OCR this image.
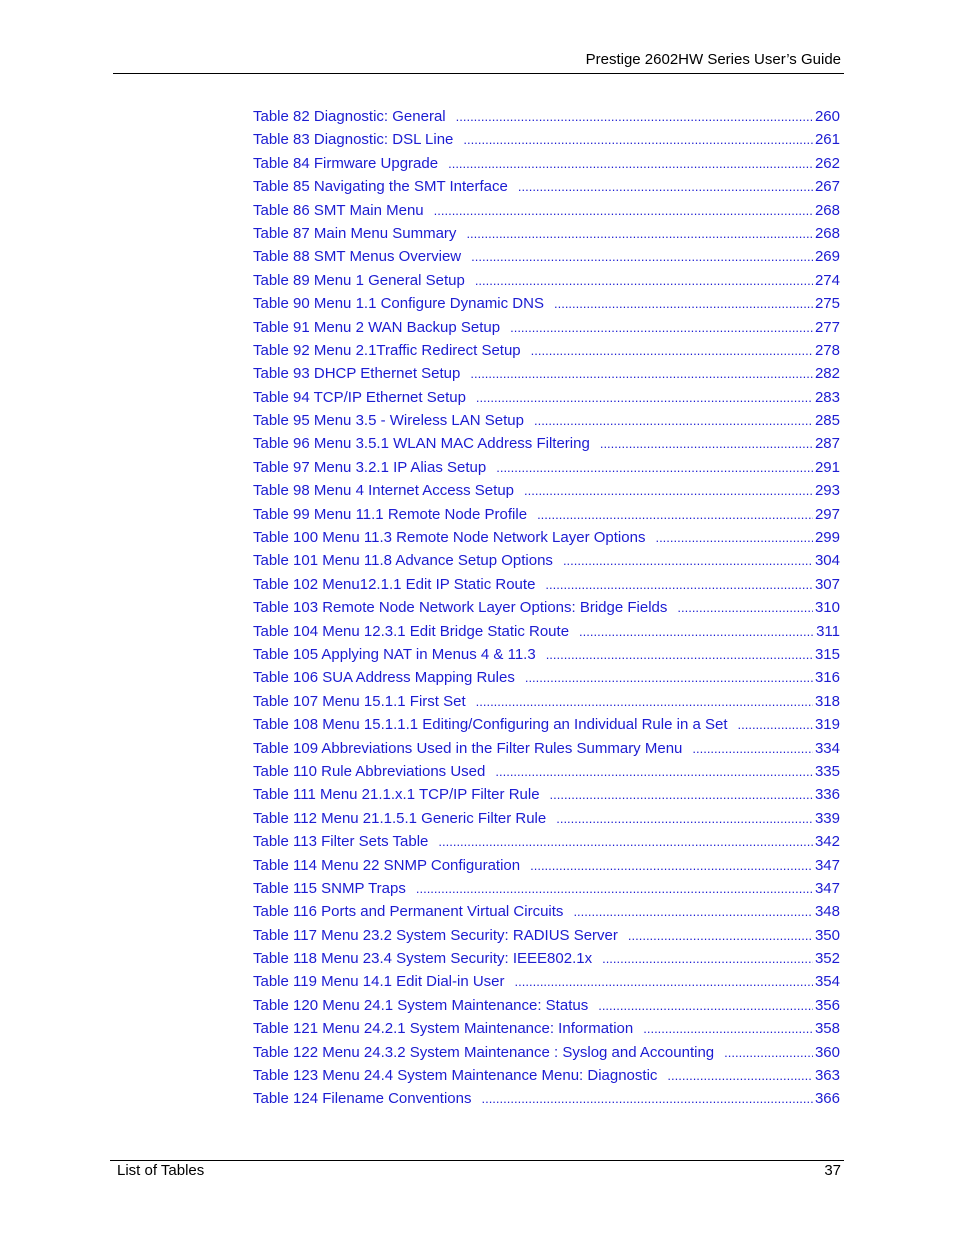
Prestige 2602HW Series User’s Guide
Table 82 Diagnostic: General .....	260
Table 83 Diagnostic: DSL Line .....	261
Table 84 Firmware Upgrade .....	262
Table 85 Navigating the SMT Interface .....	267
Table 86 SMT Main Menu .....	268
Table 87 Main Menu Summary .....	268
Table 88 SMT Menus Overview .....	269
Table 89 Menu 1 General Setup .....	274
Table 90 Menu 1.1 Configure Dynamic DNS .....	275
Table 91 Menu 2 WAN Backup Setup .....	277
Table 92 Menu 2.1Traffic Redirect Setup .....	278
Table 93 DHCP Ethernet Setup .....	282
Table 94 TCP/IP Ethernet Setup .....	283
Table 95 Menu 3.5 - Wireless LAN Setup .....	285
Table 96 Menu 3.5.1 WLAN MAC Address Filtering .....	287
Table 97 Menu 3.2.1 IP Alias Setup .....	291
Table 98 Menu 4 Internet Access Setup .....	293
Table 99 Menu 11.1 Remote Node Profile .....	297
Table 100 Menu 11.3 Remote Node Network Layer Options .....	299
Table 101 Menu 11.8 Advance Setup Options .....	304
Table 102 Menu12.1.1 Edit IP Static Route .....	307
Table 103 Remote Node Network Layer Options: Bridge Fields .....	310
Table 104 Menu 12.3.1 Edit Bridge Static Route .....	311
Table 105 Applying NAT in Menus 4 & 11.3 .....	315
Table 106 SUA Address Mapping Rules .....	316
Table 107 Menu 15.1.1 First Set .....	318
Table 108 Menu 15.1.1.1 Editing/Configuring an Individual Rule in a Set .....	319
Table 109 Abbreviations Used in the Filter Rules Summary Menu .....	334
Table 110 Rule Abbreviations Used .....	335
Table 111 Menu 21.1.x.1 TCP/IP Filter Rule .....	336
Table 112 Menu 21.1.5.1 Generic Filter Rule .....	339
Table 113 Filter Sets Table .....	342
Table 114 Menu 22 SNMP Configuration .....	347
Table 115 SNMP Traps .....	347
Table 116 Ports and Permanent Virtual Circuits .....	348
Table 117 Menu 23.2 System Security: RADIUS Server .....	350
Table 118 Menu 23.4 System Security: IEEE802.1x .....	352
Table 119 Menu 14.1 Edit Dial-in User .....	354
Table 120 Menu 24.1 System Maintenance: Status .....	356
Table 121 Menu 24.2.1 System Maintenance: Information .....	358
Table 122 Menu 24.3.2 System Maintenance : Syslog and Accounting .....	360
Table 123 Menu 24.4 System Maintenance Menu: Diagnostic .....	363
Table 124 Filename Conventions .....	366
List of Tables	37
